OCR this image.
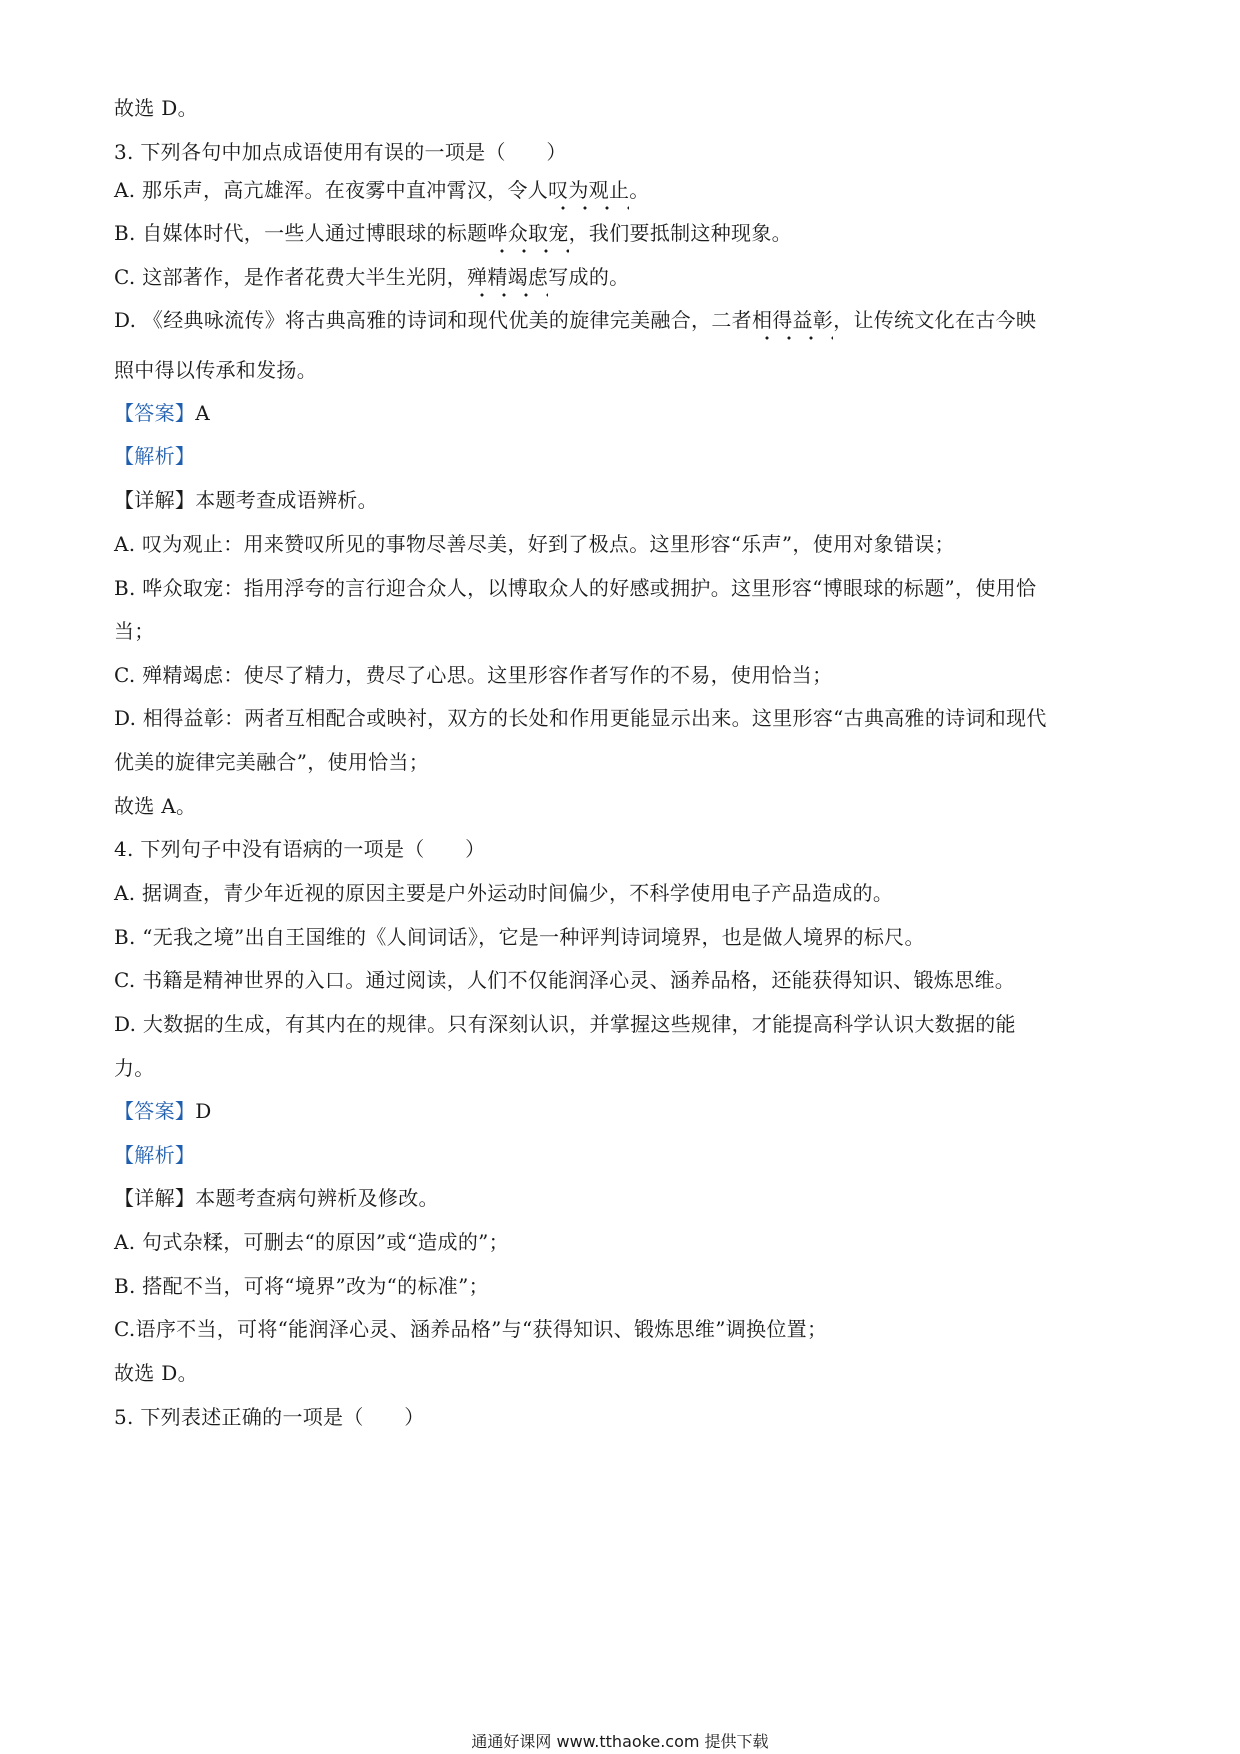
故选 D。
3. 下列各句中加点成语使用有误的一项是（　　）
A. 那乐声，高亢雄浑。在夜雾中直冲霄汉，令人叹为观止。
B. 自媒体时代，一些人通过博眼球的标题哗众取宠，我们要抵制这种现象。
C. 这部著作，是作者花费大半生光阴，殚精竭虑写成的。
D. 《经典咏流传》将古典高雅的诗词和现代优美的旋律完美融合，二者相得益彰，让传统文化在古今映
照中得以传承和发扬。
【答案】A
【解析】
【详解】本题考查成语辨析。
A. 叹为观止：用来赞叹所见的事物尽善尽美，好到了极点。这里形容“乐声”，使用对象错误；
B. 哗众取宠：指用浮夸的言行迎合众人，以博取众人的好感或拥护。这里形容“博眼球的标题”，使用恰
当；
C. 殚精竭虑：使尽了精力，费尽了心思。这里形容作者写作的不易，使用恰当；
D. 相得益彰：两者互相配合或映衬，双方的长处和作用更能显示出来。这里形容“古典高雅的诗词和现代
优美的旋律完美融合”，使用恰当；
故选 A。
4. 下列句子中没有语病的一项是（　　）
A. 据调查，青少年近视的原因主要是户外运动时间偏少，不科学使用电子产品造成的。
B. “无我之境”出自王国维的《人间词话》，它是一种评判诗词境界，也是做人境界的标尺。
C. 书籍是精神世界的入口。通过阅读，人们不仅能润泽心灵、涵养品格，还能获得知识、锻炼思维。
D. 大数据的生成，有其内在的规律。只有深刻认识，并掌握这些规律，才能提高科学认识大数据的能
力。
【答案】D
【解析】
【详解】本题考查病句辨析及修改。
A. 句式杂糅，可删去“的原因”或“造成的”；
B. 搭配不当，可将“境界”改为“的标准”；
C.语序不当，可将“能润泽心灵、涵养品格”与“获得知识、锻炼思维”调换位置；
故选 D。
5. 下列表述正确的一项是（　　）
通通好课网 www.tthaoke.com 提供下载
